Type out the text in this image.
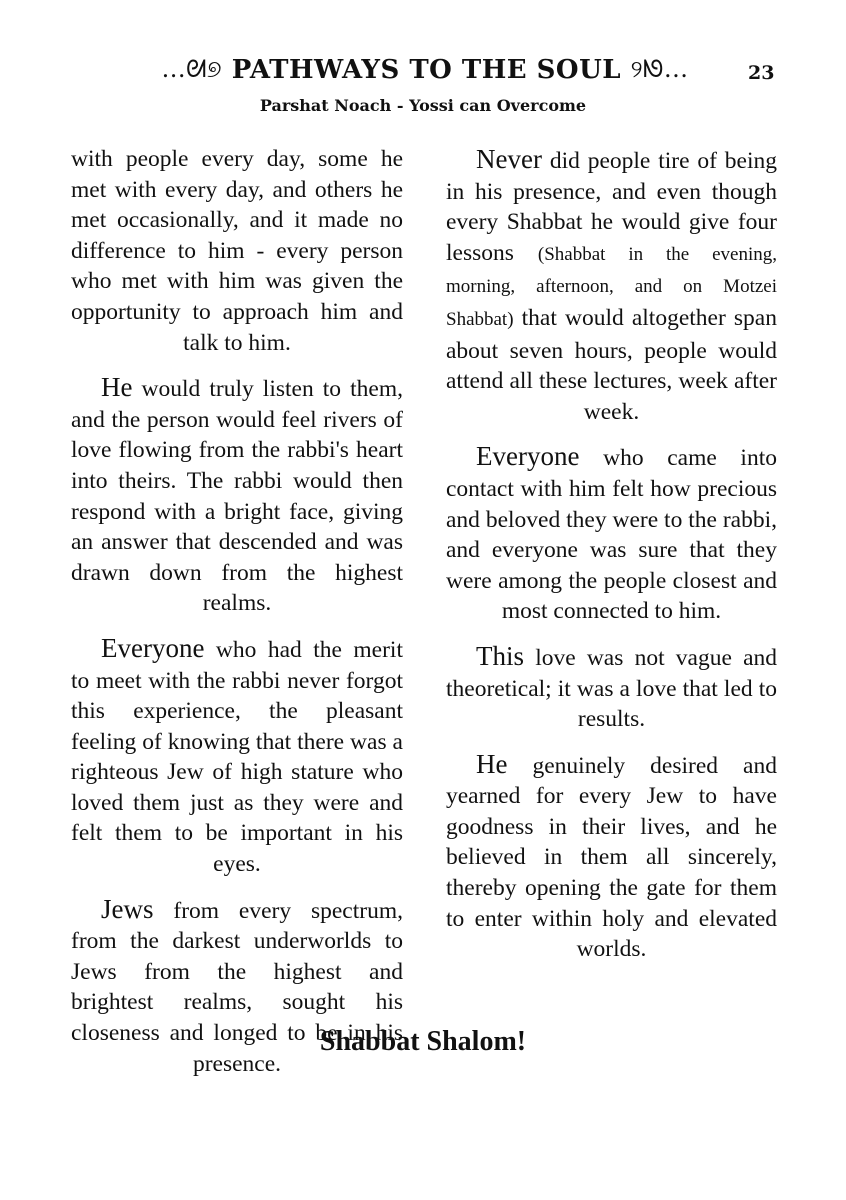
...ᘛ୭ PATHWAYS TO THE SOUL ୨ᘚ...	23
Parshat Noach - Yossi can Overcome

with people every day, some he met with every day, and others he met occasionally, and it made no difference to him - every person who met with him was given the opportunity to approach him and talk to him.

He would truly listen to them, and the person would feel rivers of love flowing from the rabbi's heart into theirs. The rabbi would then respond with a bright face, giving an answer that descended and was drawn down from the highest realms.

Everyone who had the merit to meet with the rabbi never forgot this experience, the pleasant feeling of knowing that there was a righteous Jew of high stature who loved them just as they were and felt them to be important in his eyes.

Jews from every spectrum, from the darkest underworlds to Jews from the highest and brightest realms, sought his closeness and longed to be in his presence.

Never did people tire of being in his presence, and even though every Shabbat he would give four lessons (Shabbat in the evening, morning, afternoon, and on Motzei Shabbat) that would altogether span about seven hours, people would attend all these lectures, week after week.

Everyone who came into contact with him felt how precious and beloved they were to the rabbi, and everyone was sure that they were among the people closest and most connected to him.

This love was not vague and theoretical; it was a love that led to results.

He genuinely desired and yearned for every Jew to have goodness in their lives, and he believed in them all sincerely, thereby opening the gate for them to enter within holy and elevated worlds.

Shabbat Shalom!
